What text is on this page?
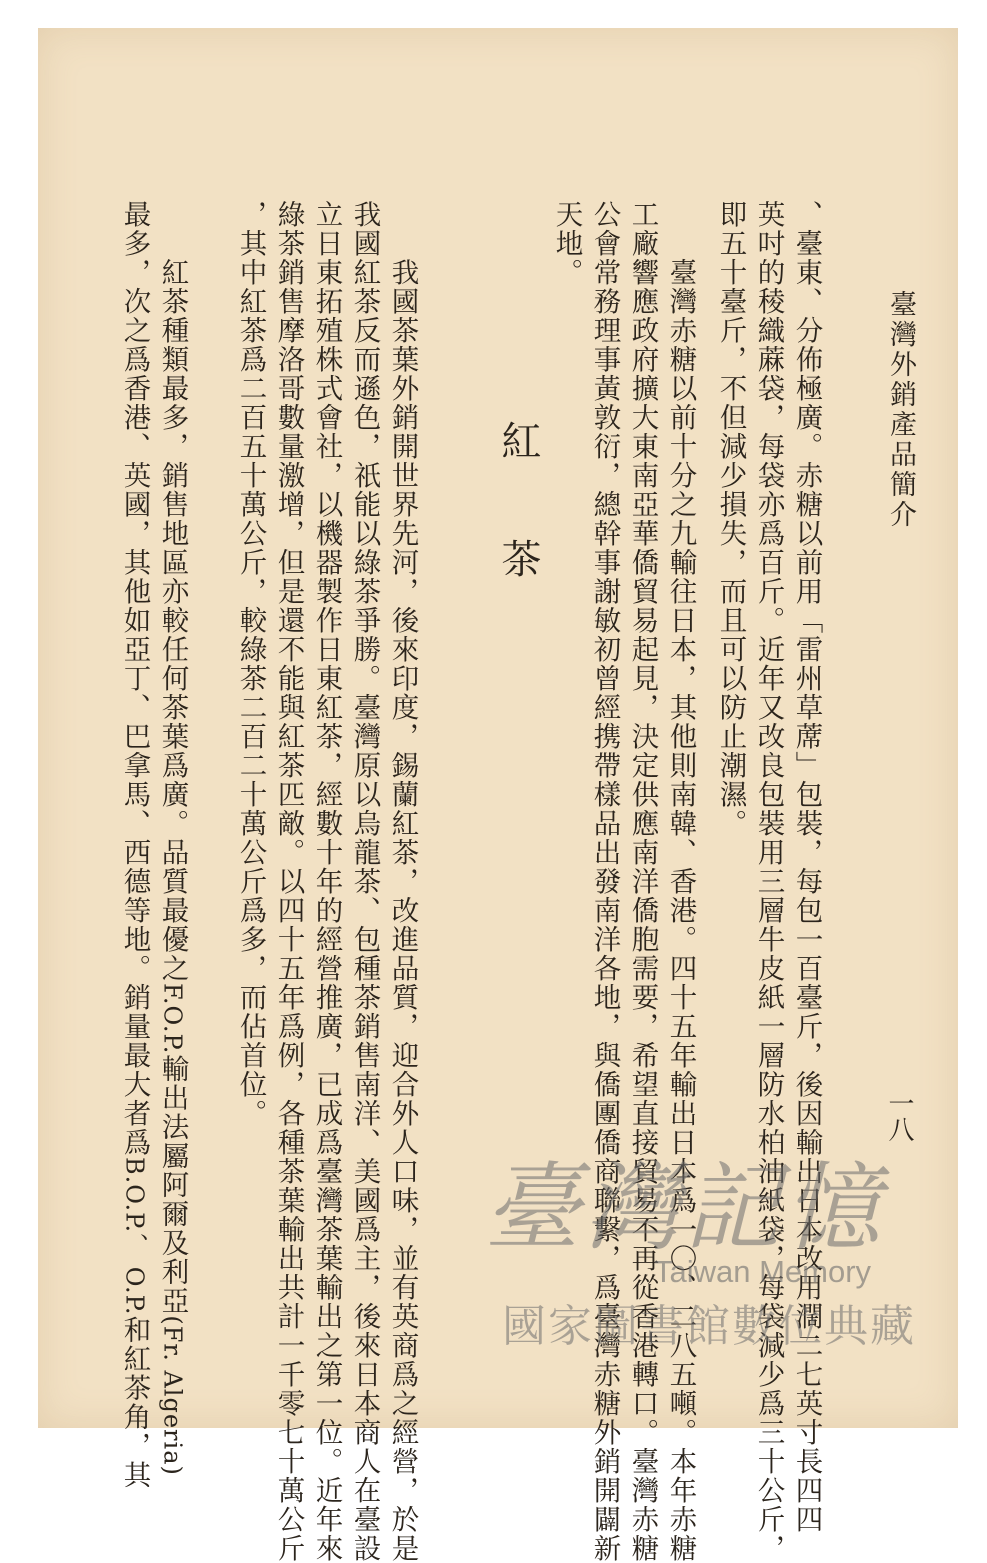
臺灣外銷產品簡介
一八
、臺東、分佈極廣。赤糖以前用「雷州草蓆」包裝，每包一百臺斤，後因輸出日本改用濶二七英寸長四四
英吋的稜織蔴袋，每袋亦爲百斤。近年又改良包裝用三層牛皮紙一層防水柏油紙袋，每袋減少爲三十公斤，
即五十臺斤，不但減少損失，而且可以防止潮濕。
臺灣赤糖以前十分之九輸往日本，其他則南韓、香港。四十五年輸出日本爲一〇、二八五噸。本年赤糖
工廠響應政府擴大東南亞華僑貿易起見，決定供應南洋僑胞需要，希望直接貿易不再從香港轉口。臺灣赤糖
公會常務理事黃敦衍，總幹事謝敏初曾經携帶樣品出發南洋各地，與僑團僑商聯繫，爲臺灣赤糖外銷開闢新
天地。
紅茶
我國茶葉外銷開世界先河，後來印度，錫蘭紅茶，改進品質，迎合外人口味，並有英商爲之經營，於是
我國紅茶反而遜色，祇能以綠茶爭勝。臺灣原以烏龍茶、包種茶銷售南洋、美國爲主，後來日本商人在臺設
立日東拓殖株式會社，以機器製作日東紅茶，經數十年的經營推廣，已成爲臺灣茶葉輸出之第一位。近年來
綠茶銷售摩洛哥數量激增，但是還不能與紅茶匹敵。以四十五年爲例，各種茶葉輸出共計一千零七十萬公斤
，其中紅茶爲二百五十萬公斤，較綠茶二百二十萬公斤爲多，而佔首位。
紅茶種類最多，銷售地區亦較任何茶葉爲廣。品質最優之F.O.P.輸出法屬阿爾及利亞(Fr. Algeria)
最多，次之爲香港、英國，其他如亞丁、巴拿馬、西德等地。銷量最大者爲B.O.P.、 O.P.和紅茶角，其
臺灣記憶
Taiwan Memory
國家圖書館數位典藏
